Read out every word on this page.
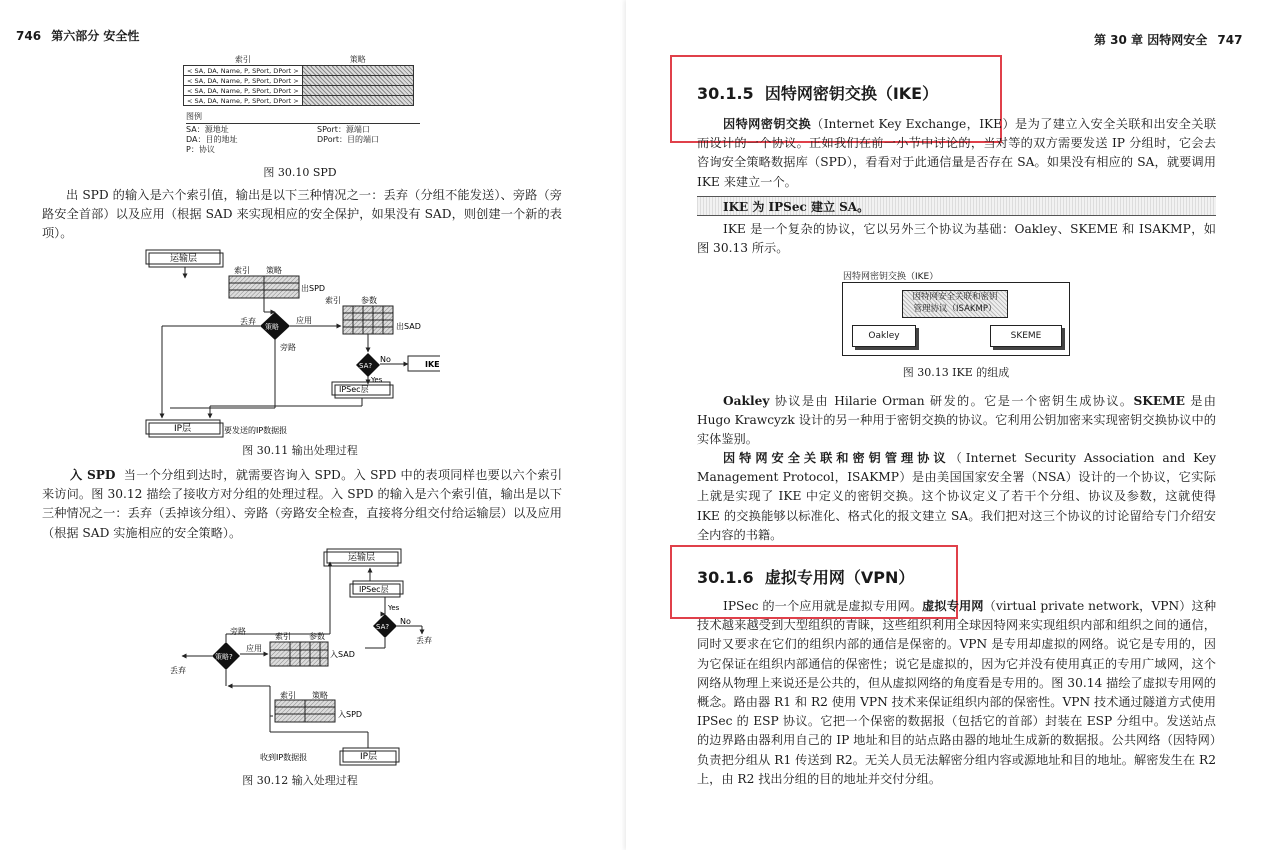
746 第六部分 安全性
索引	策略
< SA, DA, Name, P, SPort, DPort >	
< SA, DA, Name, P, SPort, DPort >	
< SA, DA, Name, P, SPort, DPort >	
< SA, DA, Name, P, SPort, DPort >	
图例
SA：源地址
DA：目的地址
P：协议
SPort：源端口
DPort：目的端口
图 30.10 SPD
出 SPD 的输入是六个索引值，输出是以下三种情况之一：丢弃（分组不能发送）、旁路（旁路安全首部）以及应用（根据 SAD 来实现相应的安全保护，如果没有 SAD，则创建一个新的表项）。
运输层
索引 策略
出SPD
丢弃
策略
应用
索引	参数
出SAD
旁路
SA?
No
IKE
Yes
IPSec层
IP层	要发送的IP数据报
图 30.11 输出处理过程
入 SPD 当一个分组到达时，就需要咨询入 SPD。入 SPD 中的表项同样也要以六个索引来访问。图 30.12 描绘了接收方对分组的处理过程。入 SPD 的输入是六个索引值，输出是以下三种情况之一：丢弃（丢掉该分组）、旁路（旁路安全检查，直接将分组交付给运输层）以及应用（根据 SAD 实施相应的安全策略）。
运输层
IPSec层
Yes
旁路
索引 参数
SA?
No
丢弃
策略?
应用
入SAD
丢弃
索引 策略
入SPD
收到IP数据报	IP层
图 30.12 输入处理过程
第 30 章 因特网安全 747
30.1.5 因特网密钥交换（IKE）
因特网密钥交换（Internet Key Exchange，IKE）是为了建立入安全关联和出安全关联而设计的一个协议。正如我们在前一小节中讨论的，当对等的双方需要发送 IP 分组时，它会去咨询安全策略数据库（SPD），看看对于此通信量是否存在 SA。如果没有相应的 SA，就要调用 IKE 来建立一个。
IKE 为 IPSec 建立 SA。
IKE 是一个复杂的协议，它以另外三个协议为基础：Oakley、SKEME 和 ISAKMP，如图 30.13 所示。
因特网密钥交换（IKE）
因特网安全关联和密钥
管理协议（ISAKMP）
Oakley	SKEME
图 30.13 IKE 的组成
Oakley 协议是由 Hilarie Orman 研发的。它是一个密钥生成协议。SKEME 是由 Hugo Krawcyzk 设计的另一种用于密钥交换的协议。它利用公钥加密来实现密钥交换协议中的实体鉴别。
因特网安全关联和密钥管理协议（Internet Security Association and Key Management Protocol，ISAKMP）是由美国国家安全署（NSA）设计的一个协议，它实际上就是实现了 IKE 中定义的密钥交换。这个协议定义了若干个分组、协议及参数，这就使得 IKE 的交换能够以标准化、格式化的报文建立 SA。我们把对这三个协议的讨论留给专门介绍安全内容的书籍。
30.1.6 虚拟专用网（VPN）
IPSec 的一个应用就是虚拟专用网。虚拟专用网（virtual private network，VPN）这种技术越来越受到大型组织的青睐，这些组织利用全球因特网来实现组织内部和组织之间的通信，同时又要求在它们的组织内部的通信是保密的。VPN 是专用却虚拟的网络。说它是专用的，因为它保证在组织内部通信的保密性；说它是虚拟的，因为它并没有使用真正的专用广域网，这个网络从物理上来说还是公共的，但从虚拟网络的角度看是专用的。图 30.14 描绘了虚拟专用网的概念。路由器 R1 和 R2 使用 VPN 技术来保证组织内部的保密性。VPN 技术通过隧道方式使用 IPSec 的 ESP 协议。它把一个保密的数据报（包括它的首部）封装在 ESP 分组中。发送站点的边界路由器利用自己的 IP 地址和目的站点路由器的地址生成新的数据报。公共网络（因特网）负责把分组从 R1 传送到 R2。无关人员无法解密分组内容或源地址和目的地址。解密发生在 R2 上，由 R2 找出分组的目的地址并交付分组。
